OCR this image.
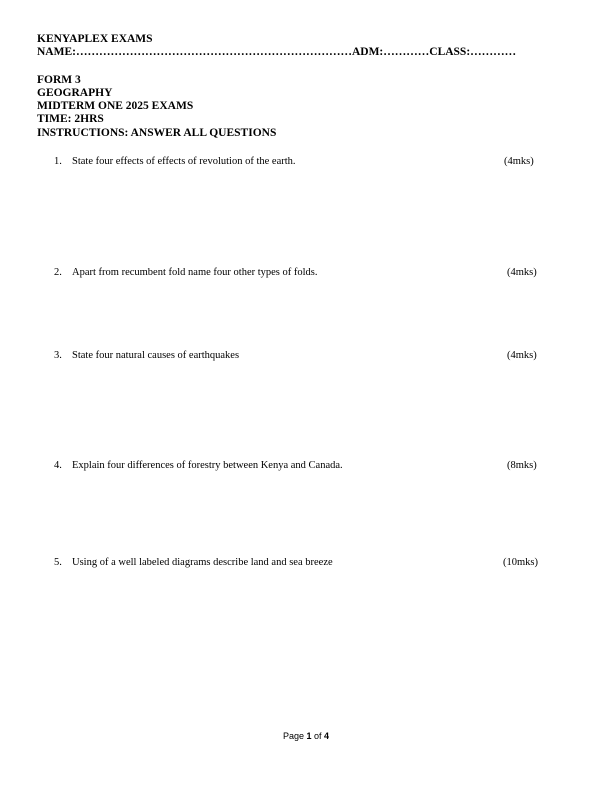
KENYAPLEX EXAMS
NAME:………………………………………………………………ADM:…………CLASS:…………
FORM 3
GEOGRAPHY
MIDTERM ONE 2025 EXAMS
TIME: 2HRS
INSTRUCTIONS: ANSWER ALL QUESTIONS
1. State four effects of effects of revolution of the earth.	(4mks)
2. Apart from recumbent fold name four other types of folds.	(4mks)
3. State four natural causes of earthquakes	(4mks)
4. Explain four differences of forestry between Kenya and Canada.	(8mks)
5. Using of a well labeled diagrams describe land and sea breeze	(10mks)
Page 1 of 4
